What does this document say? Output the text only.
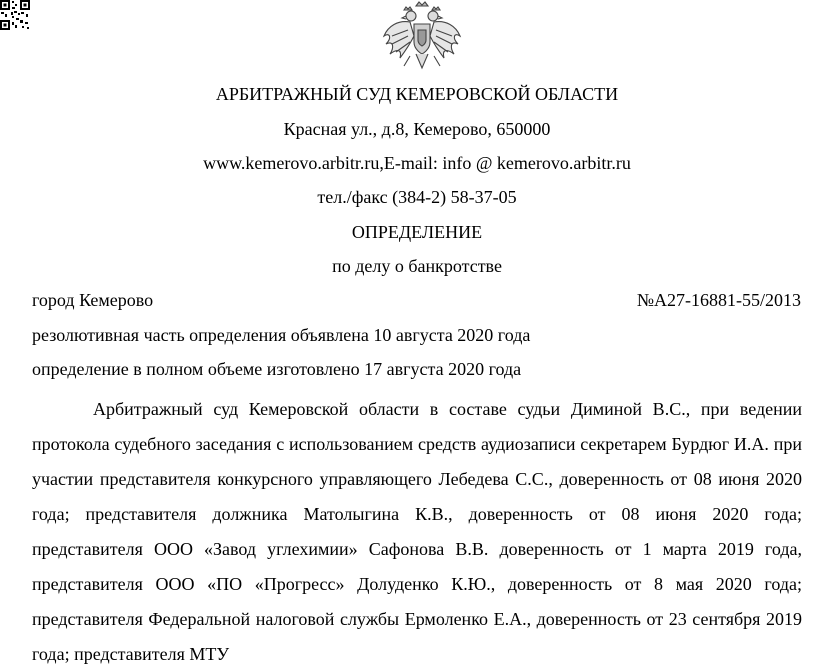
АРБИТРАЖНЫЙ СУД КЕМЕРОВСКОЙ ОБЛАСТИ
Красная ул., д.8, Кемерово, 650000
www.kemerovo.arbitr.ru,E-mail: info @ kemerovo.arbitr.ru
тел./факс (384-2) 58-37-05
ОПРЕДЕЛЕНИЕ
по делу о банкротстве
город Кемерово	№А27-16881-55/2013
резолютивная часть определения объявлена 10 августа 2020 года
определение в полном объеме изготовлено 17 августа 2020 года
Арбитражный суд Кемеровской области в составе судьи Диминой В.С., при ведении протокола судебного заседания с использованием средств аудиозаписи секретарем Бурдюг И.А. при участии представителя конкурсного управляющего Лебедева С.С., доверенность от 08 июня 2020 года; представителя должника Матолыгина К.В., доверенность от 08 июня 2020 года; представителя ООО «Завод углехимии» Сафонова В.В. доверенность от 1 марта 2019 года, представителя ООО «ПО «Прогресс» Долуденко К.Ю., доверенность от 8 мая 2020 года; представителя Федеральной налоговой службы Ермоленко Е.А., доверенность от 23 сентября 2019 года; представителя МТУ
